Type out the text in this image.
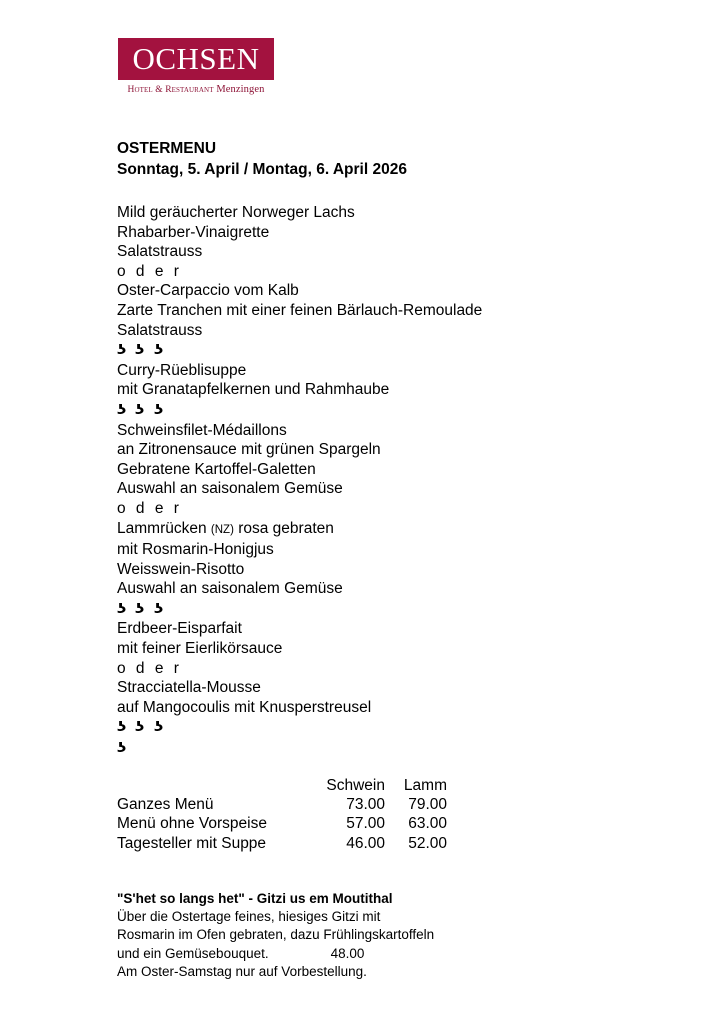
OCHSEN
Hotel & Restaurant Menzingen
OSTERMENU
Sonntag, 5. April / Montag, 6. April 2026
Mild geräucherter Norweger Lachs
Rhabarber-Vinaigrette
Salatstrauss
o d e r
Oster-Carpaccio vom Kalb
Zarte Tranchen mit einer feinen Bärlauch-Remoulade
Salatstrauss
ʖ ʖ ʖ
Curry-Rüeblisuppe
mit Granatapfelkernen und Rahmhaube
ʖ ʖ ʖ
Schweinsfilet-Médaillons
an Zitronensauce mit grünen Spargeln
Gebratene Kartoffel-Galetten
Auswahl an saisonalem Gemüse
o d e r
Lammrücken (NZ) rosa gebraten
mit Rosmarin-Honigjus
Weisswein-Risotto
Auswahl an saisonalem Gemüse
ʖ ʖ ʖ
Erdbeer-Eisparfait
mit feiner Eierlikörsauce
o d e r
Stracciatella-Mousse
auf Mangocoulis mit Knusperstreusel
ʖ ʖ ʖ
ʖ
	Schwein	Lamm
Ganzes Menü	73.00	79.00
Menü ohne Vorspeise	57.00	63.00
Tagesteller mit Suppe	46.00	52.00
"S'het so langs het" - Gitzi us em Moutithal
Über die Ostertage feines, hiesiges Gitzi mit
Rosmarin im Ofen gebraten, dazu Frühlingskartoffeln
und ein Gemüsebouquet.	48.00
Am Oster-Samstag nur auf Vorbestellung.
